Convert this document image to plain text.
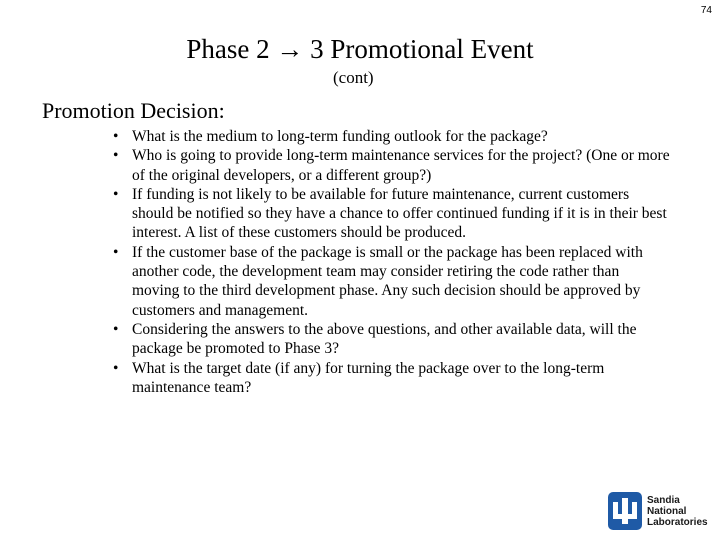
74
Phase 2 → 3 Promotional Event
(cont)
Promotion Decision:
• What is the medium to long-term funding outlook for the package?
• Who is going to provide long-term maintenance services for the project? (One or more of the original developers, or a different group?)
• If funding is not likely to be available for future maintenance, current customers should be notified so they have a chance to offer continued funding if it is in their best interest. A list of these customers should be produced.
• If the customer base of the package is small or the package has been replaced with another code, the development team may consider retiring the code rather than moving to the third development phase. Any such decision should be approved by customers and management.
• Considering the answers to the above questions, and other available data, will the package be promoted to Phase 3?
• What is the target date (if any) for turning the package over to the long-term maintenance team?
Sandia
National
Laboratories
